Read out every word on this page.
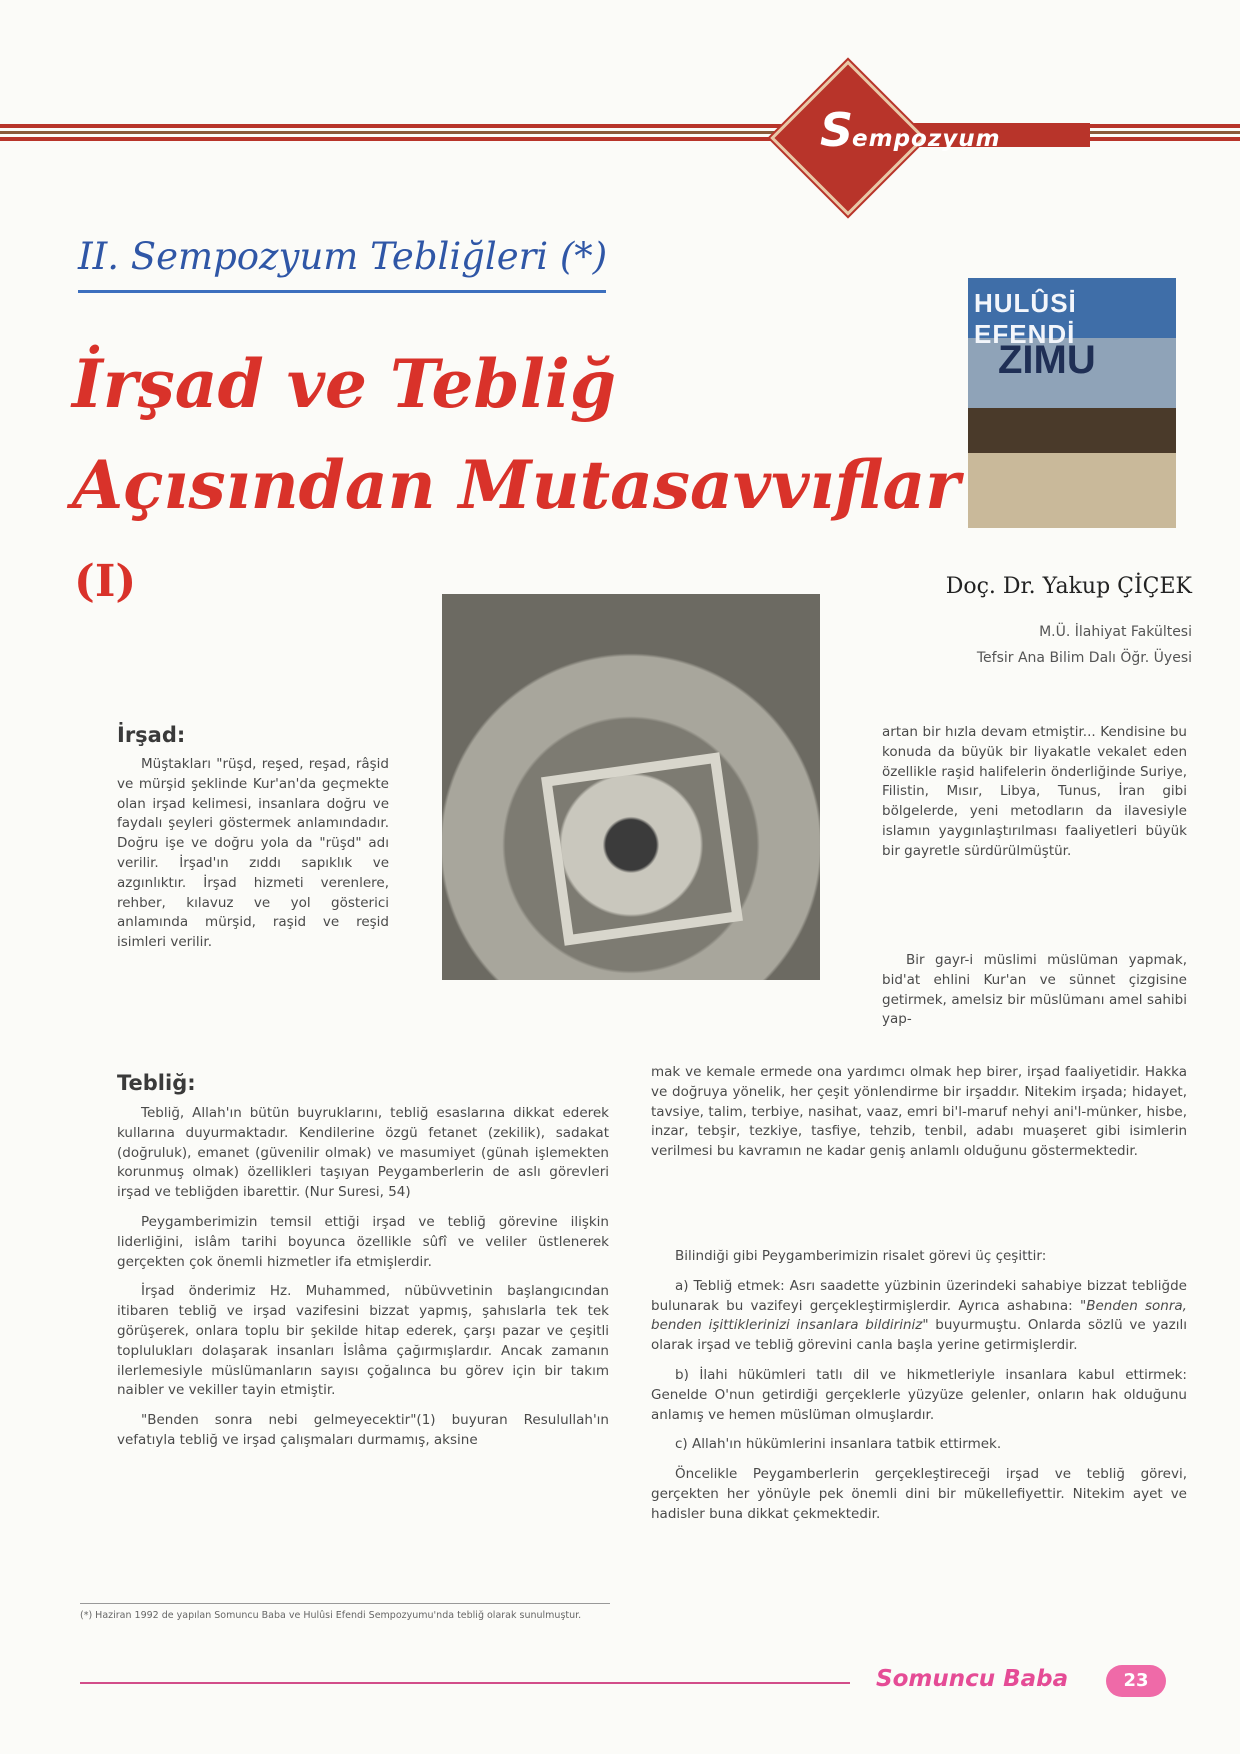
S
empozyum
II. Sempozyum Tebliğleri (*)
İrşad ve Tebliğ
Açısından Mutasavvıflar
(I)
HULÛSİ EFENDİ
ZIMU
Doç. Dr. Yakup ÇİÇEK
M.Ü. İlahiyat Fakültesi
Tefsir Ana Bilim Dalı Öğr. Üyesi
İrşad:

Müştakları "rüşd, reşed, reşad, râşid ve mürşid şeklinde Kur'an'da geçmekte olan irşad kelimesi, insanlara doğru ve faydalı şeyleri göstermek anlamındadır. Doğru işe ve doğru yola da "rüşd" adı verilir. İrşad'ın zıddı sapıklık ve azgınlıktır. İrşad hizmeti verenlere, rehber, kılavuz ve yol gösterici anlamında mürşid, raşid ve reşid isimleri verilir.

artan bir hızla devam etmiştir... Kendisine bu konuda da büyük bir liyakatle vekalet eden özellikle raşid halifelerin önderliğinde Suriye, Filistin, Mısır, Libya, Tunus, İran gibi bölgelerde, yeni metodların da ilavesiyle islamın yaygınlaştırılması faaliyetleri büyük bir gayretle sürdürülmüştür.

Bir gayr-i müslimi müslüman yapmak, bid'at ehlini Kur'an ve sünnet çizgisine getirmek, amelsiz bir müslümanı amel sahibi yap-

mak ve kemale ermede ona yardımcı olmak hep birer, irşad faaliyetidir. Hakka ve doğruya yönelik, her çeşit yönlendirme bir irşaddır. Nitekim irşada; hidayet, tavsiye, talim, terbiye, nasihat, vaaz, emri bi'l-maruf nehyi ani'l-münker, hisbe, inzar, tebşir, tezkiye, tasfiye, tehzib, tenbil, adabı muaşeret gibi isimlerin verilmesi bu kavramın ne kadar geniş anlamlı olduğunu göstermektedir.

Tebliğ:

Tebliğ, Allah'ın bütün buyruklarını, tebliğ esaslarına dikkat ederek kullarına duyurmaktadır. Kendilerine özgü fetanet (zekilik), sadakat (doğruluk), emanet (güvenilir olmak) ve masumiyet (günah işlemekten korunmuş olmak) özellikleri taşıyan Peygamberlerin de aslı görevleri irşad ve tebliğden ibarettir. (Nur Suresi, 54)

Peygamberimizin temsil ettiği irşad ve tebliğ görevine ilişkin liderliğini, islâm tarihi boyunca özellikle sûfî ve veliler üstlenerek gerçekten çok önemli hizmetler ifa etmişlerdir.

İrşad önderimiz Hz. Muhammed, nübüvvetinin başlangıcından itibaren tebliğ ve irşad vazifesini bizzat yapmış, şahıslarla tek tek görüşerek, onlara toplu bir şekilde hitap ederek, çarşı pazar ve çeşitli toplulukları dolaşarak insanları İslâma çağırmışlardır. Ancak zamanın ilerlemesiyle müslümanların sayısı çoğalınca bu görev için bir takım naibler ve vekiller tayin etmiştir.

"Benden sonra nebi gelmeyecektir"(1) buyuran Resulullah'ın vefatıyla tebliğ ve irşad çalışmaları durmamış, aksine

Bilindiği gibi Peygamberimizin risalet görevi üç çeşittir:

a) Tebliğ etmek: Asrı saadette yüzbinin üzerindeki sahabiye bizzat tebliğde bulunarak bu vazifeyi gerçekleştirmişlerdir. Ayrıca ashabına: "Benden sonra, benden işittiklerinizi insanlara bildiriniz" buyurmuştu. Onlarda sözlü ve yazılı olarak irşad ve tebliğ görevini canla başla yerine getirmişlerdir.

b) İlahi hükümleri tatlı dil ve hikmetleriyle insanlara kabul ettirmek: Genelde O'nun getirdiği gerçeklerle yüzyüze gelenler, onların hak olduğunu anlamış ve hemen müslüman olmuşlardır.

c) Allah'ın hükümlerini insanlara tatbik ettirmek.

Öncelikle Peygamberlerin gerçekleştireceği irşad ve tebliğ görevi, gerçekten her yönüyle pek önemli dini bir mükellefiyettir. Nitekim ayet ve hadisler buna dikkat çekmektedir.

(*) Haziran 1992 de yapılan Somuncu Baba ve Hulûsi Efendi Sempozyumu'nda tebliğ olarak sunulmuştur.
Somuncu Baba	23
